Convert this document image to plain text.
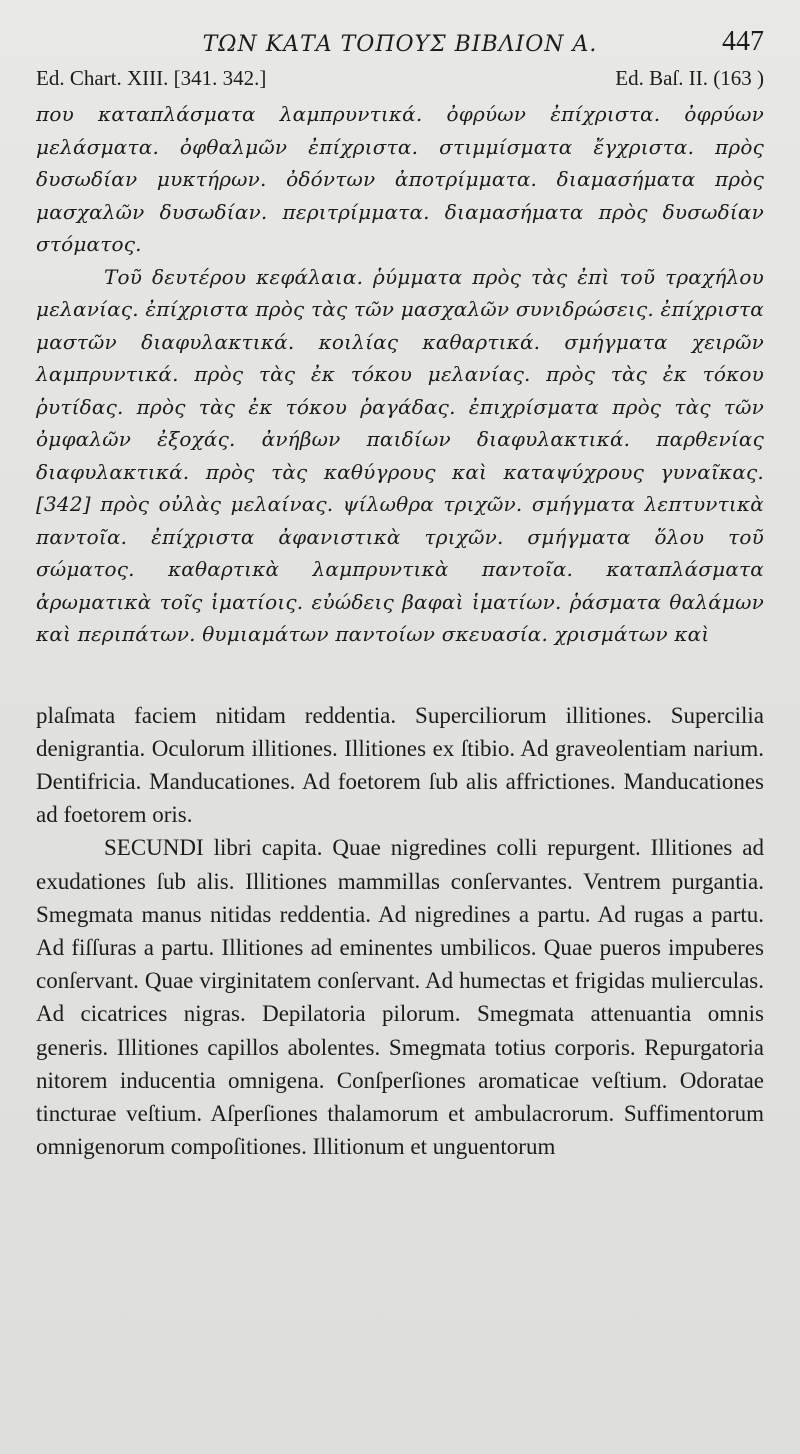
ΤΩΝ ΚΑΤΑ ΤΟΠΟΥΣ ΒΙΒΛΙΟΝ Α.	447
Ed. Chart. XIII. [341. 342.]	Ed. Baſ. II. (163 )

που καταπλάσματα λαμπρυντικά. ὀφρύων ἐπίχριστα. ὀφρύων μελάσματα. ὀφθαλμῶν ἐπίχριστα. στιμμίσματα ἔγχριστα. πρὸς δυσωδίαν μυκτήρων. ὀδόντων ἀποτρίμματα. διαμασήματα πρὸς μασχαλῶν δυσωδίαν. περιτρίμματα. διαμασήματα πρὸς δυσωδίαν στόματος.

Τοῦ δευτέρου κεφάλαια. ῥύμματα πρὸς τὰς ἐπὶ τοῦ τραχήλου μελανίας. ἐπίχριστα πρὸς τὰς τῶν μασχαλῶν συνιδρώσεις. ἐπίχριστα μαστῶν διαφυλακτικά. κοιλίας καθαρτικά. σμήγματα χειρῶν λαμπρυντικά. πρὸς τὰς ἐκ τόκου μελανίας. πρὸς τὰς ἐκ τόκου ῥυτίδας. πρὸς τὰς ἐκ τόκου ῥαγάδας. ἐπιχρίσματα πρὸς τὰς τῶν ὀμφαλῶν ἐξοχάς. ἀνήβων παιδίων διαφυλακτικά. παρθενίας διαφυλακτικά. πρὸς τὰς καθύγρους καὶ καταψύχρους γυναῖκας. [342] πρὸς οὐλὰς μελαίνας. ψίλωθρα τριχῶν. σμήγματα λεπτυντικὰ παντοῖα. ἐπίχριστα ἀφανιστικὰ τριχῶν. σμήγματα ὅλου τοῦ σώματος. καθαρτικὰ λαμπρυντικὰ παντοῖα. καταπλάσματα ἀρωματικὰ τοῖς ἱματίοις. εὐώδεις βαφαὶ ἱματίων. ῥάσματα θαλάμων καὶ περιπάτων. θυμιαμάτων παντοίων σκευασία. χρισμάτων καὶ

plaſmata faciem nitidam reddentia. Superciliorum illitiones. Supercilia denigrantia. Oculorum illitiones. Illitiones ex ſtibio. Ad graveolentiam narium. Dentifricia. Manducationes. Ad foetorem ſub alis affrictiones. Manducationes ad foetorem oris.

SECUNDI libri capita. Quae nigredines colli repurgent. Illitiones ad exudationes ſub alis. Illitiones mammillas conſervantes. Ventrem purgantia. Smegmata manus nitidas reddentia. Ad nigredines a partu. Ad rugas a partu. Ad fiſſuras a partu. Illitiones ad eminentes umbilicos. Quae pueros impuberes conſervant. Quae virginitatem conſervant. Ad humectas et frigidas mulierculas. Ad cicatrices nigras. Depilatoria pilorum. Smegmata attenuantia omnis generis. Illitiones capillos abolentes. Smegmata totius corporis. Repurgatoria nitorem inducentia omnigena. Conſperſiones aromaticae veſtium. Odoratae tincturae veſtium. Aſperſiones thalamorum et ambulacrorum. Suffimentorum omnigenorum compoſitiones. Illitionum et unguentorum
